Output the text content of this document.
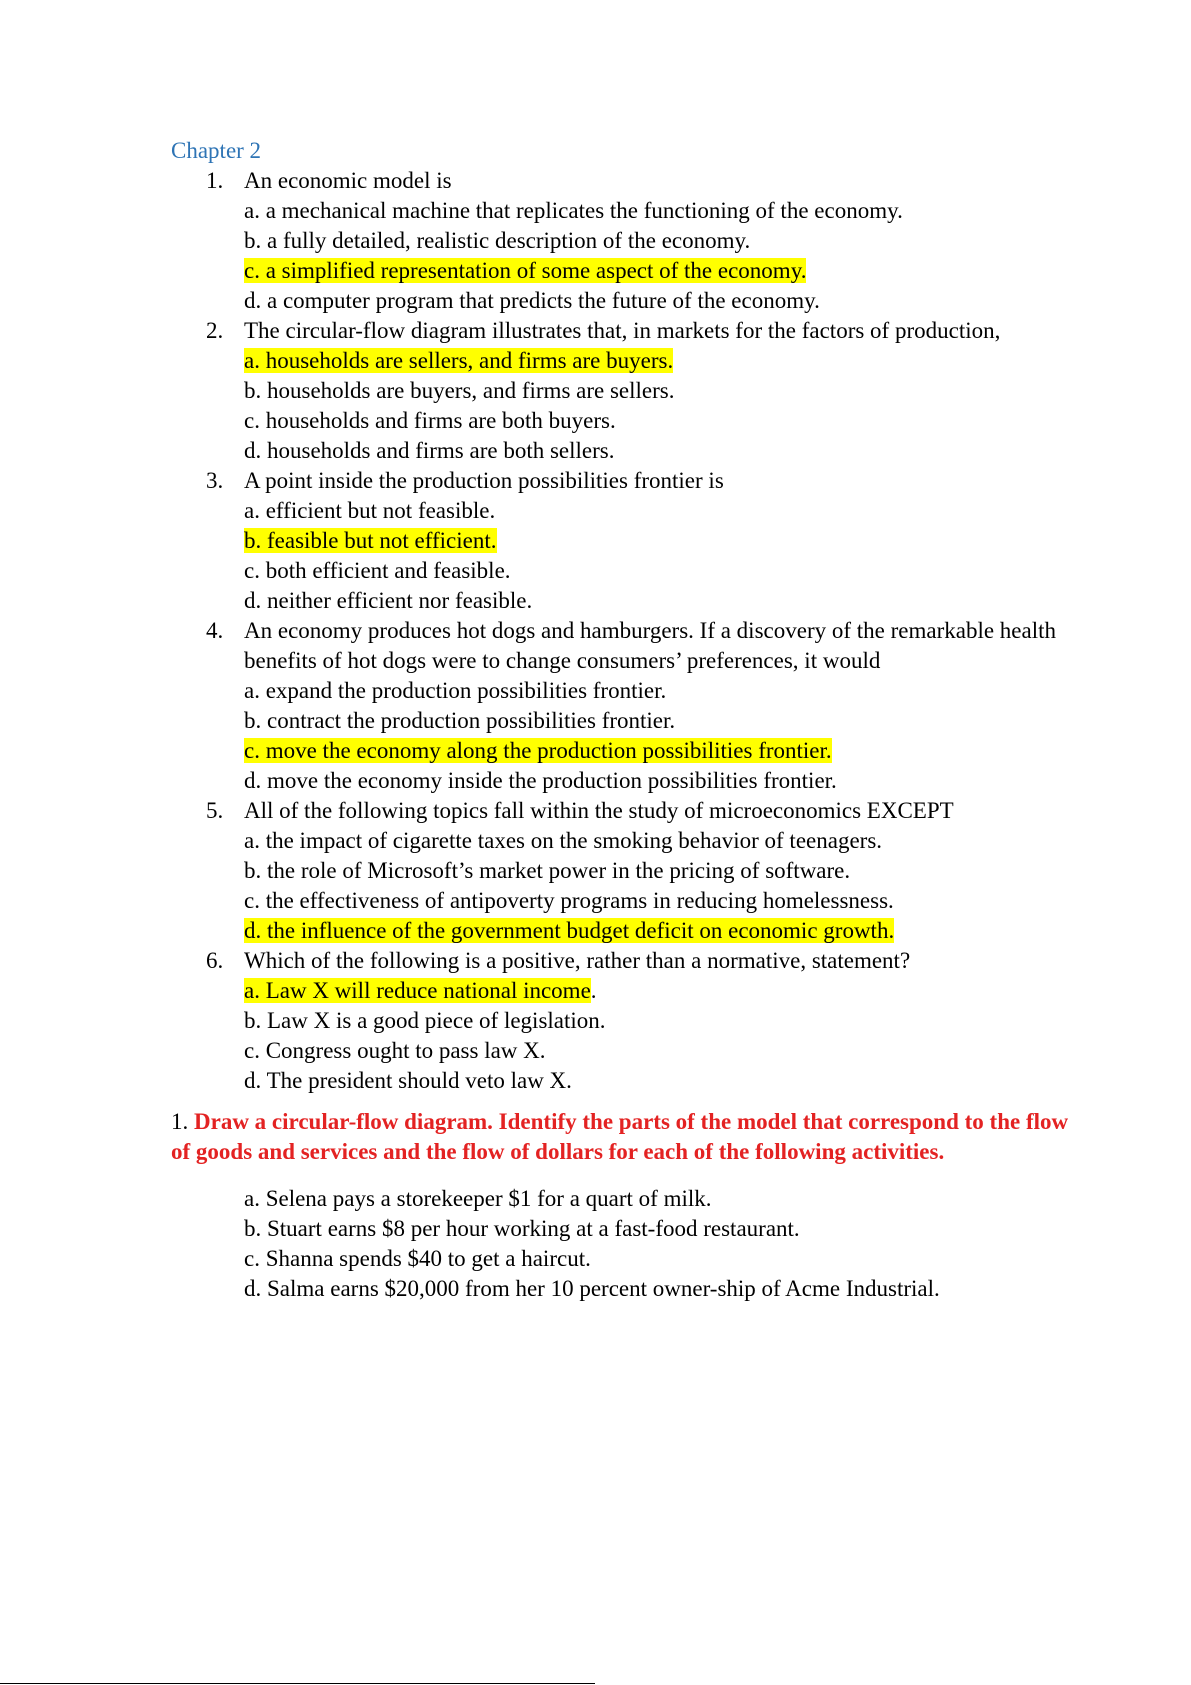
Chapter 2
1. An economic model is
a. a mechanical machine that replicates the functioning of the economy.
b. a fully detailed, realistic description of the economy.
c. a simplified representation of some aspect of the economy.
d. a computer program that predicts the future of the economy.
2. The circular-flow diagram illustrates that, in markets for the factors of production,
a. households are sellers, and firms are buyers.
b. households are buyers, and firms are sellers.
c. households and firms are both buyers.
d. households and firms are both sellers.
3. A point inside the production possibilities frontier is
a. efficient but not feasible.
b. feasible but not efficient.
c. both efficient and feasible.
d. neither efficient nor feasible.
4. An economy produces hot dogs and hamburgers. If a discovery of the remarkable health benefits of hot dogs were to change consumers’ preferences, it would
a. expand the production possibilities frontier.
b. contract the production possibilities frontier.
c. move the economy along the production possibilities frontier.
d. move the economy inside the production possibilities frontier.
5. All of the following topics fall within the study of microeconomics EXCEPT
a. the impact of cigarette taxes on the smoking behavior of teenagers.
b. the role of Microsoft’s market power in the pricing of software.
c. the effectiveness of antipoverty programs in reducing homelessness.
d. the influence of the government budget deficit on economic growth.
6. Which of the following is a positive, rather than a normative, statement?
a. Law X will reduce national income.
b. Law X is a good piece of legislation.
c. Congress ought to pass law X.
d. The president should veto law X.

1. Draw a circular-flow diagram. Identify the parts of the model that correspond to the flow of goods and services and the flow of dollars for each of the following activities.

a. Selena pays a storekeeper $1 for a quart of milk.
b. Stuart earns $8 per hour working at a fast-food restaurant.
c. Shanna spends $40 to get a haircut.
d. Salma earns $20,000 from her 10 percent owner-ship of Acme Industrial.
